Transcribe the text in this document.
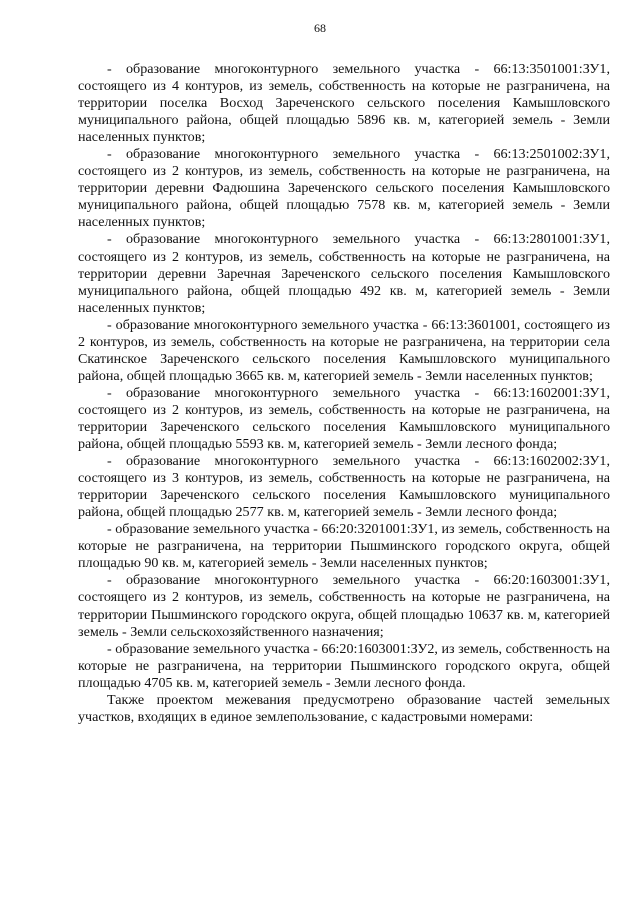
68

- образование многоконтурного земельного участка - 66:13:3501001:ЗУ1, состоящего из 4 контуров, из земель, собственность на которые не разграничена, на территории поселка Восход Зареченского сельского поселения Камышловского муниципального района, общей площадью 5896 кв. м, категорией земель - Земли населенных пунктов;

- образование многоконтурного земельного участка - 66:13:2501002:ЗУ1, состоящего из 2 контуров, из земель, собственность на которые не разграничена, на территории деревни Фадюшина Зареченского сельского поселения Камышловского муниципального района, общей площадью 7578 кв. м, категорией земель - Земли населенных пунктов;

- образование многоконтурного земельного участка - 66:13:2801001:ЗУ1, состоящего из 2 контуров, из земель, собственность на которые не разграничена, на территории деревни Заречная Зареченского сельского поселения Камышловского муниципального района, общей площадью 492 кв. м, категорией земель - Земли населенных пунктов;

- образование многоконтурного земельного участка - 66:13:3601001, состоящего из 2 контуров, из земель, собственность на которые не разграничена, на территории села Скатинское Зареченского сельского поселения Камышловского муниципального района, общей площадью 3665 кв. м, категорией земель - Земли населенных пунктов;

- образование многоконтурного земельного участка - 66:13:1602001:ЗУ1, состоящего из 2 контуров, из земель, собственность на которые не разграничена, на территории Зареченского сельского поселения Камышловского муниципального района, общей площадью 5593 кв. м, категорией земель - Земли лесного фонда;

- образование многоконтурного земельного участка - 66:13:1602002:ЗУ1, состоящего из 3 контуров, из земель, собственность на которые не разграничена, на территории Зареченского сельского поселения Камышловского муниципального района, общей площадью 2577 кв. м, категорией земель - Земли лесного фонда;

- образование земельного участка - 66:20:3201001:ЗУ1, из земель, собственность на которые не разграничена, на территории Пышминского городского округа, общей площадью 90 кв. м, категорией земель - Земли населенных пунктов;

- образование многоконтурного земельного участка - 66:20:1603001:ЗУ1, состоящего из 2 контуров, из земель, собственность на которые не разграничена, на территории Пышминского городского округа, общей площадью 10637 кв. м, категорией земель - Земли сельскохозяйственного назначения;

- образование земельного участка - 66:20:1603001:ЗУ2, из земель, собственность на которые не разграничена, на территории Пышминского городского округа, общей площадью 4705 кв. м, категорией земель - Земли лесного фонда.

Также проектом межевания предусмотрено образование частей земельных участков, входящих в единое землепользование, с кадастровыми номерами:
